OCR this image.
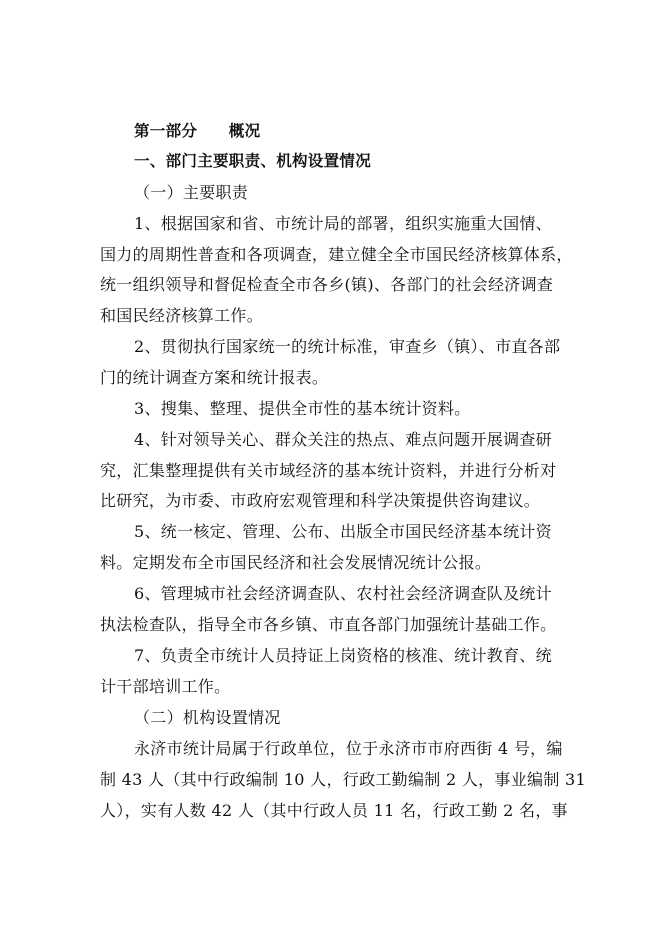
第一部分　　概况
一、部门主要职责、机构设置情况
（一）主要职责
1、根据国家和省、市统计局的部署，组织实施重大国情、
国力的周期性普查和各项调查，建立健全全市国民经济核算体系，
统一组织领导和督促检查全市各乡(镇)、各部门的社会经济调查
和国民经济核算工作。
2、贯彻执行国家统一的统计标准，审查乡（镇）、市直各部
门的统计调查方案和统计报表。
3、搜集、整理、提供全市性的基本统计资料。
4、针对领导关心、群众关注的热点、难点问题开展调查研
究，汇集整理提供有关市域经济的基本统计资料，并进行分析对
比研究，为市委、市政府宏观管理和科学决策提供咨询建议。
5、统一核定、管理、公布、出版全市国民经济基本统计资
料。定期发布全市国民经济和社会发展情况统计公报。
6、管理城市社会经济调查队、农村社会经济调查队及统计
执法检查队，指导全市各乡镇、市直各部门加强统计基础工作。
7、负责全市统计人员持证上岗资格的核准、统计教育、统
计干部培训工作。
（二）机构设置情况
永济市统计局属于行政单位，位于永济市市府西街 4 号，编
制 43 人（其中行政编制 10 人，行政工勤编制 2 人，事业编制 31
人），实有人数 42 人（其中行政人员 11 名，行政工勤 2 名，事
